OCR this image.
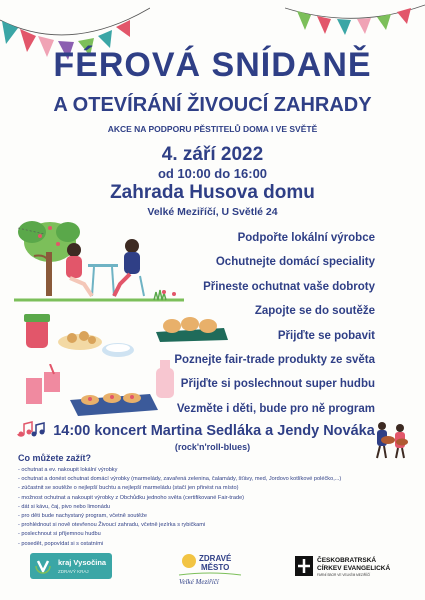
FÉROVÁ SNÍDANĚ
A OTEVÍRÁNÍ ŽIVOUCÍ ZAHRADY
AKCE NA PODPORU PĚSTITELŮ DOMA I VE SVĚTĚ
4. září 2022
od 10:00 do 16:00
Zahrada Husova domu
Velké Meziříčí, U Světlé 24
Podpořte lokální výrobce
Ochutnejte domácí speciality
Přineste ochutnat vaše dobroty
Zapojte se do soutěže
Přijďte se pobavit
Poznejte fair-trade produkty ze světa
Přijďte si poslechnout super hudbu
Vezměte i děti, bude pro ně program
14:00 koncert Martina Sedláka a Jendy Nováka
(rock'n'roll-blues)
Co můžete zažít?
- ochutnat a ev. nakoupit lokální výrobky
- ochutnat a donést ochutnat domácí výrobky (marmelády, zavařená zelenina, čalamády, šťávy, med, Jordovo kotlíkové poléčko,...)
- zúčastnit se soutěže o nejlepší buchtu a nejlepší marmeládu (stačí jen přinést na místo)
- možnost ochutnat a nakoupit výrobky z Obchůdku jednoho světa (certifikované Fair-trade)
- dát si kávu, čaj, pivo nebo limonádu
- pro děti bude nachystaný program, včetně soutěže
- prohlédnout si nově otevřenou Živoucí zahradu, včetně jezírka s rybičkami
- poslechnout si příjemnou hudbu
- posedět, popovídat si s ostatními
kraj Vysočina
ZDRAVÝ KRAJ
ZDRAVÉ
MĚSTO
Velké Meziříčí
ČESKOBRATRSKÁ
CÍRKEV EVANGELICKÁ
FARNÍ SBOR VE VELKÉM MEZIŘÍČÍ
